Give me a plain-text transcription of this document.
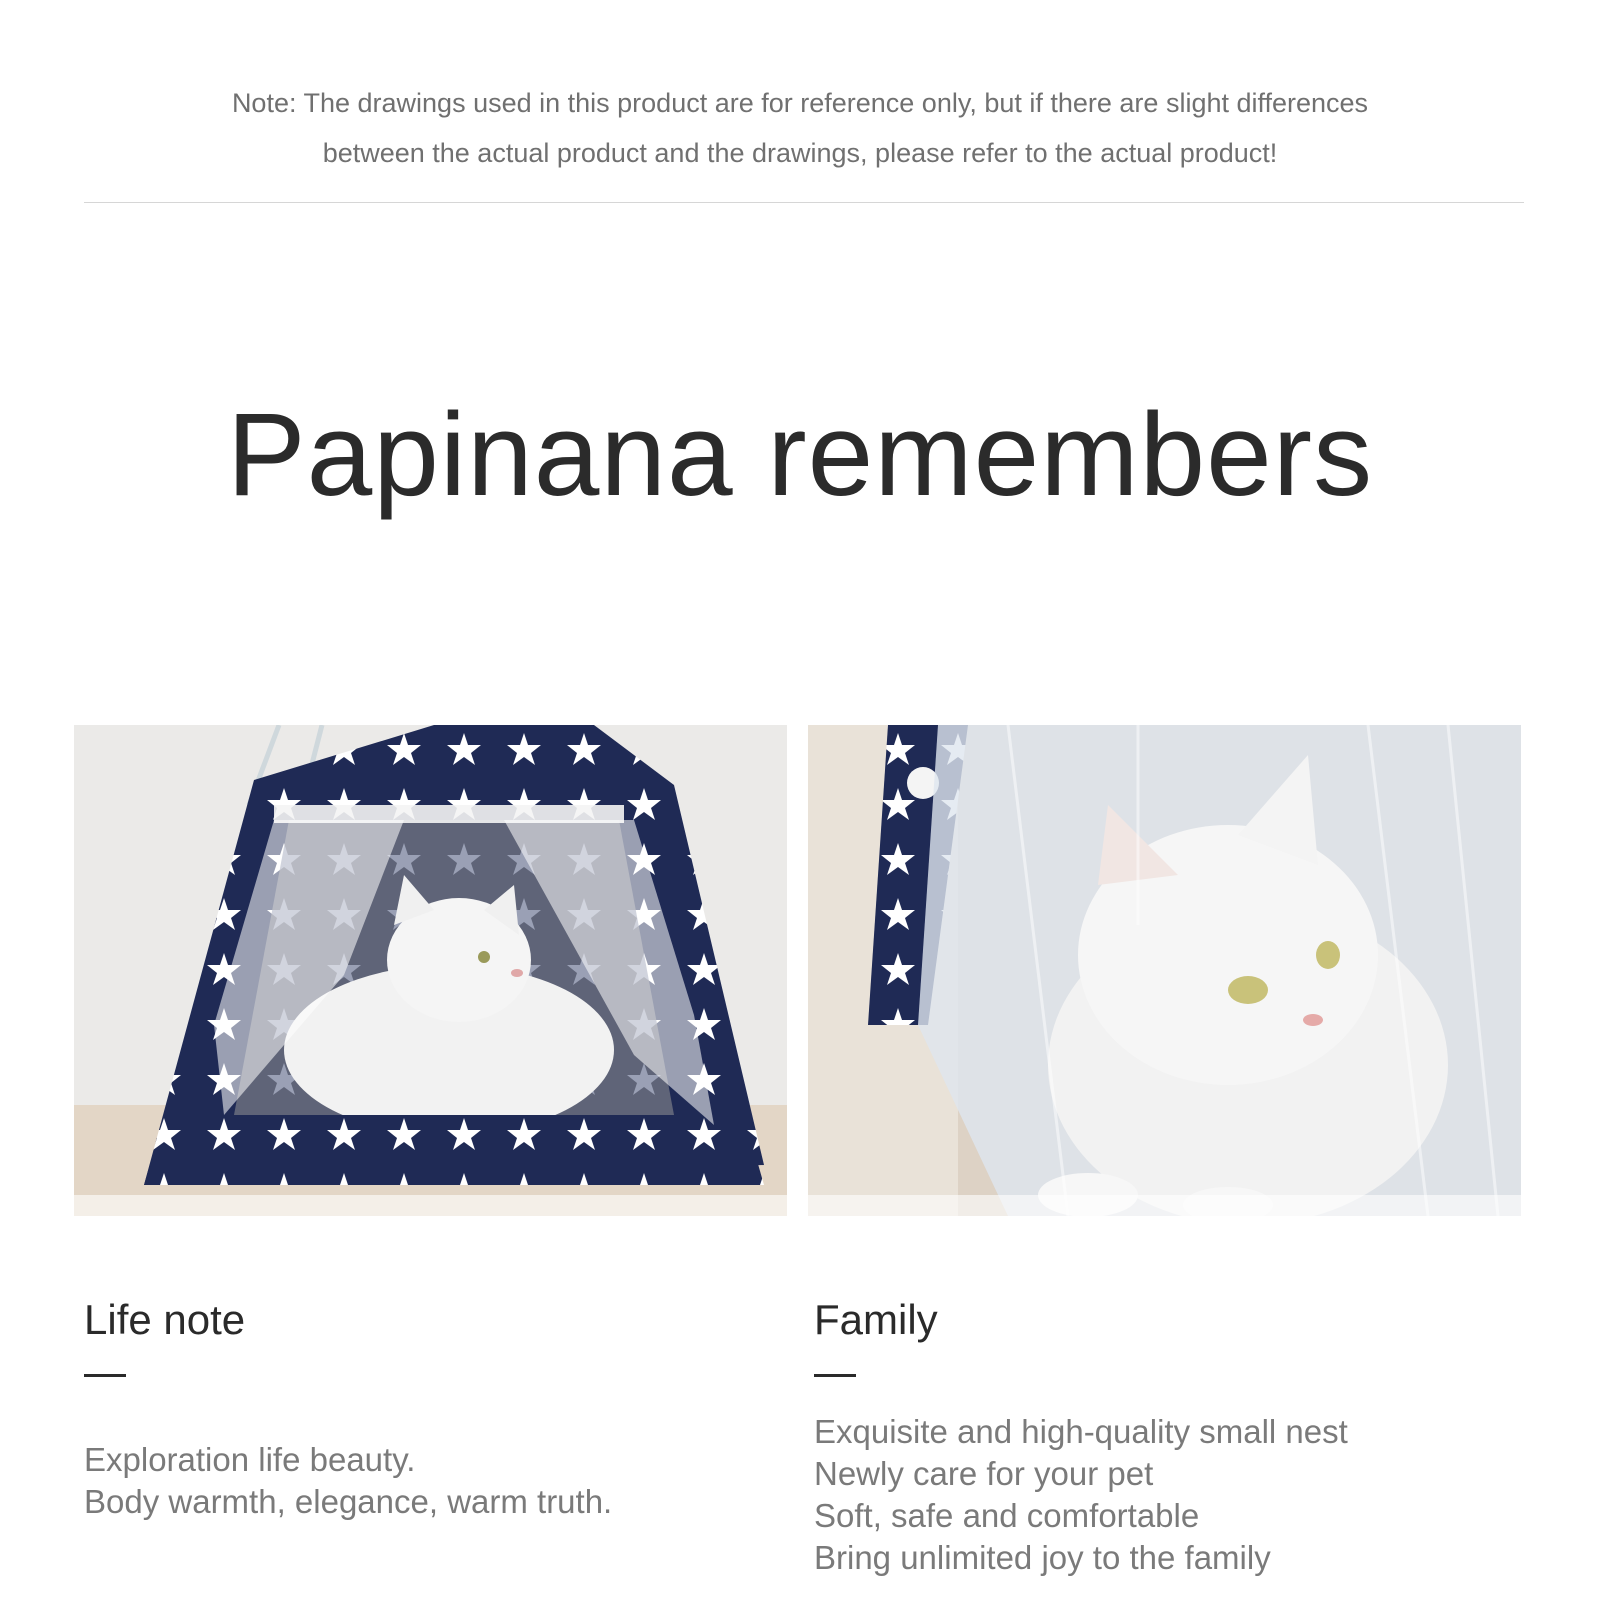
Note: The drawings used in this product are for reference only, but if there are slight differences
between the actual product and the drawings, please refer to the actual product!
Papinana remembers
Life note

Exploration life beauty.
Body warmth, elegance, warm truth.

Family

Exquisite and high-quality small nest
Newly care for your pet
Soft, safe and comfortable
Bring unlimited joy to the family
